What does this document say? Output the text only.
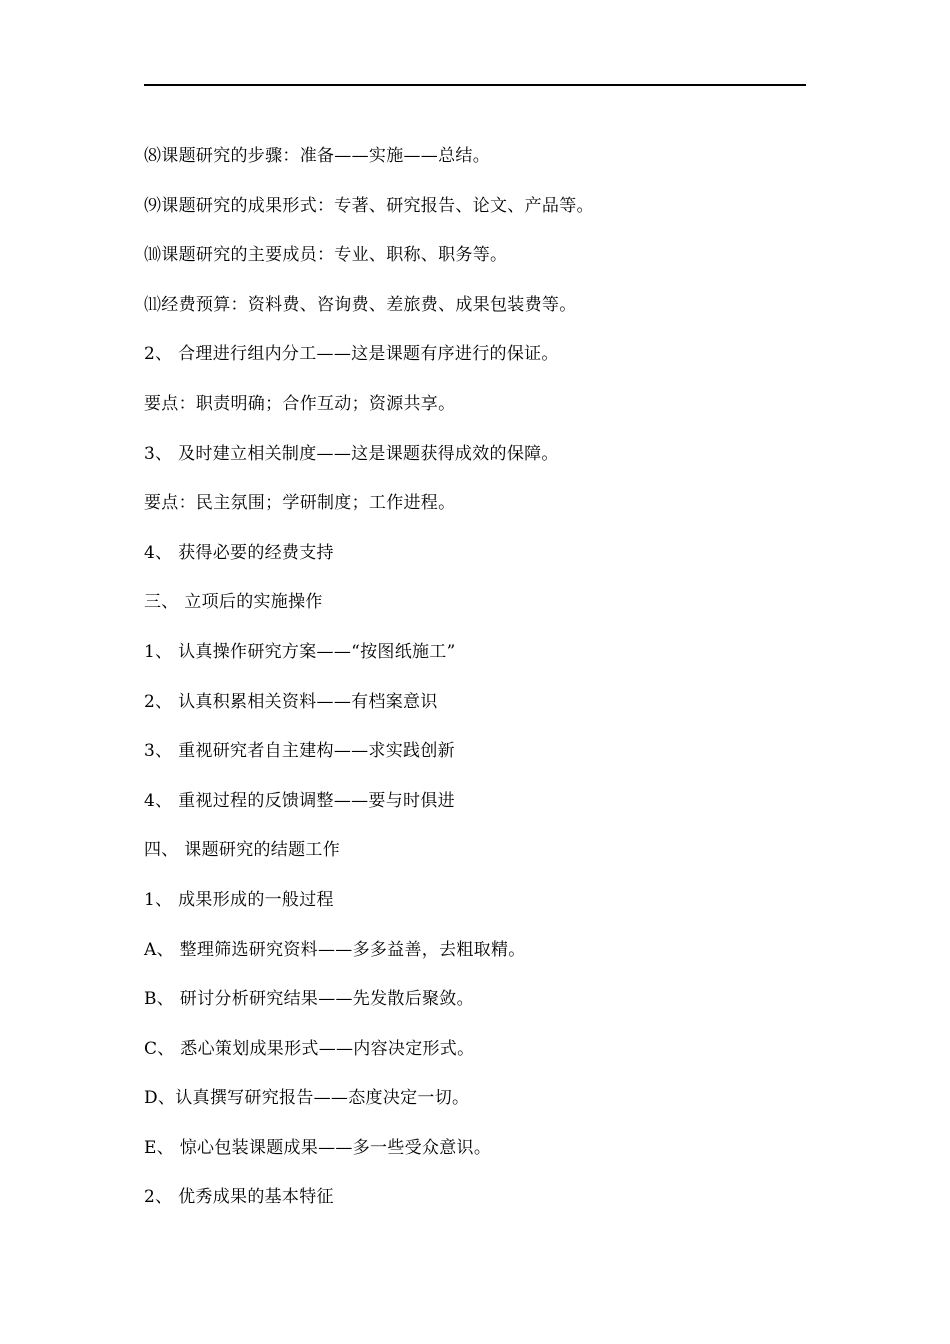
⑻课题研究的步骤：准备——实施——总结。

⑼课题研究的成果形式：专著、研究报告、论文、产品等。

⑽课题研究的主要成员：专业、职称、职务等。

⑾经费预算：资料费、咨询费、差旅费、成果包装费等。

2、 合理进行组内分工——这是课题有序进行的保证。

要点：职责明确；合作互动；资源共享。

3、 及时建立相关制度——这是课题获得成效的保障。

要点：民主氛围；学研制度；工作进程。

4、 获得必要的经费支持

三、 立项后的实施操作

1、 认真操作研究方案——“按图纸施工”

2、 认真积累相关资料——有档案意识

3、 重视研究者自主建构——求实践创新

4、 重视过程的反馈调整——要与时俱进

四、 课题研究的结题工作

1、 成果形成的一般过程

A、 整理筛选研究资料——多多益善，去粗取精。

B、 研讨分析研究结果——先发散后聚敛。

C、 悉心策划成果形式——内容决定形式。

D、认真撰写研究报告——态度决定一切。

E、 惊心包装课题成果——多一些受众意识。

2、 优秀成果的基本特征
